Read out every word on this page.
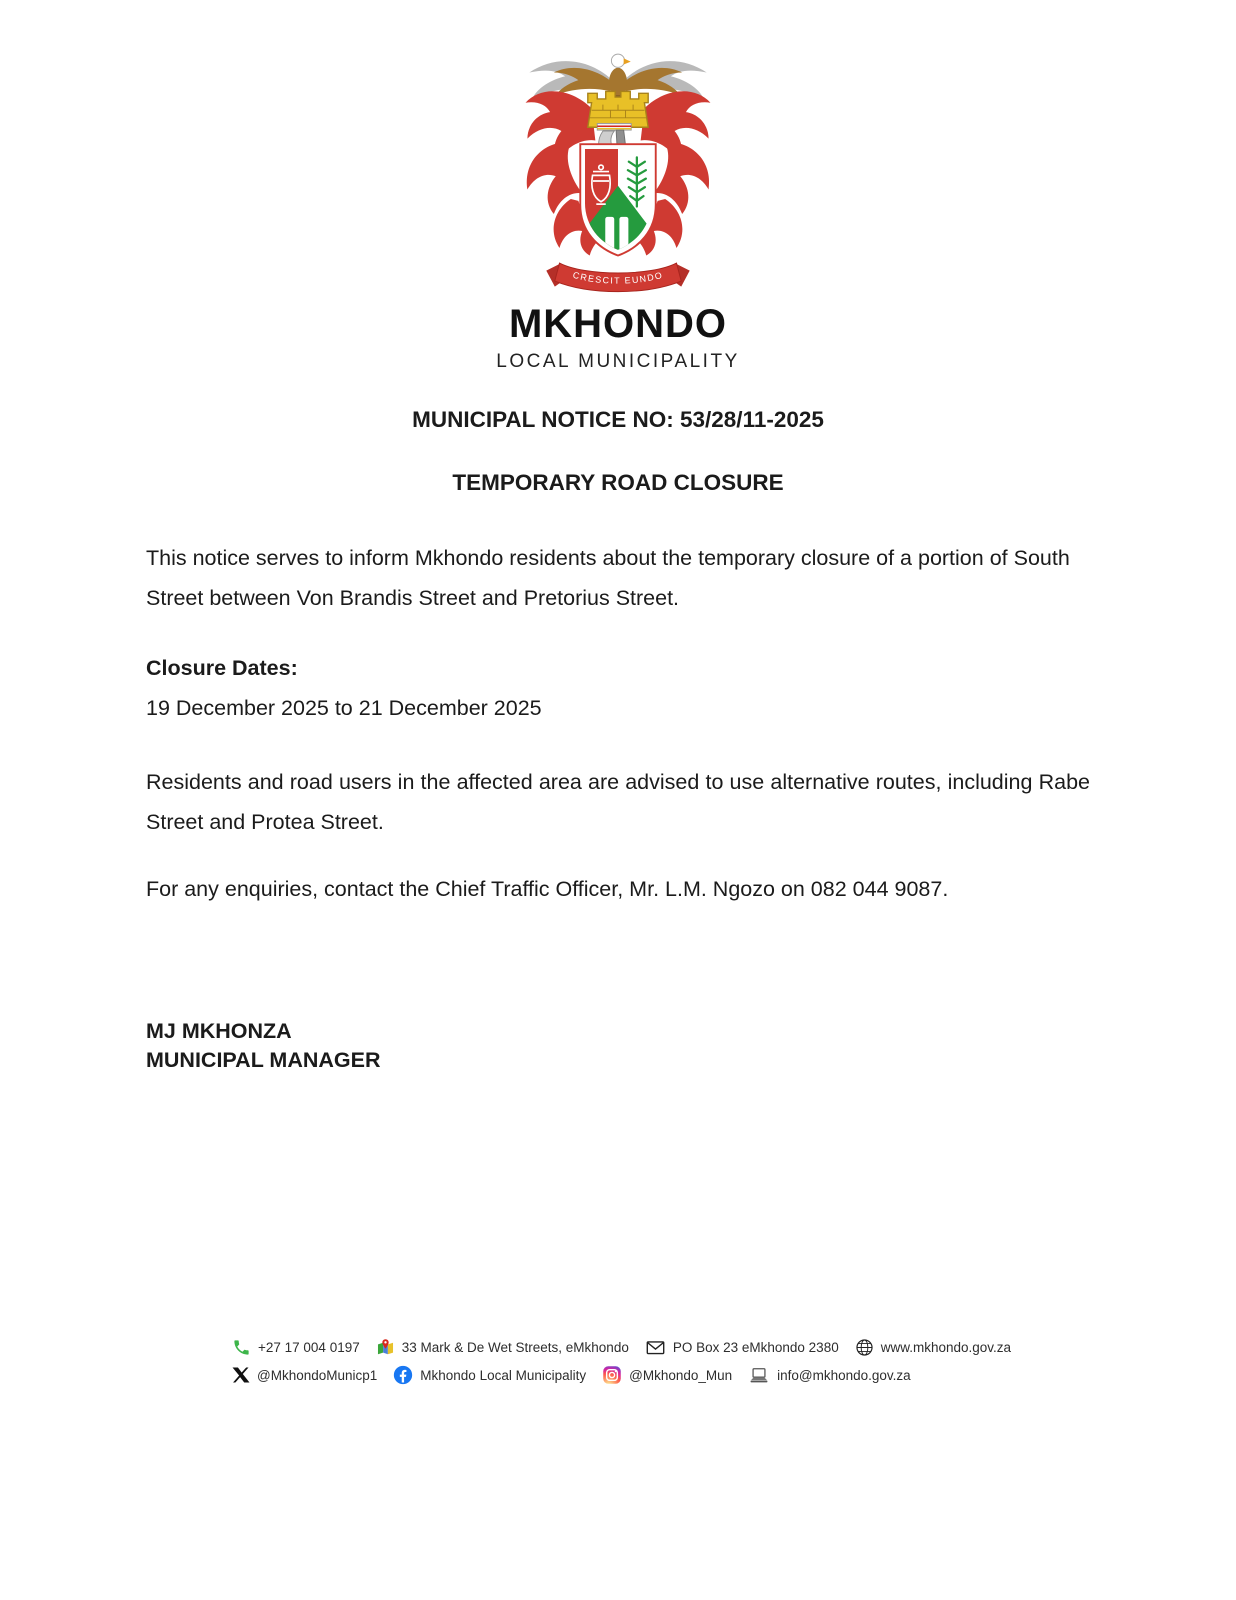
CRESCIT EUNDO
MKHONDO
LOCAL MUNICIPALITY
MUNICIPAL NOTICE NO: 53/28/11-2025
TEMPORARY ROAD CLOSURE

This notice serves to inform Mkhondo residents about the temporary closure of a portion of South Street between Von Brandis Street and Pretorius Street.

Closure Dates:

19 December 2025 to 21 December 2025

Residents and road users in the affected area are advised to use alternative routes, including Rabe Street and Protea Street.

For any enquiries, contact the Chief Traffic Officer, Mr. L.M. Ngozo on 082 044 9087.

MJ MKHONZA
MUNICIPAL MANAGER
+27 17 004 0197	33 Mark & De Wet Streets, eMkhondo	PO Box 23 eMkhondo 2380	www.mkhondo.gov.za
@MkhondoMunicp1	Mkhondo Local Municipality	@Mkhondo_Mun	info@mkhondo.gov.za
